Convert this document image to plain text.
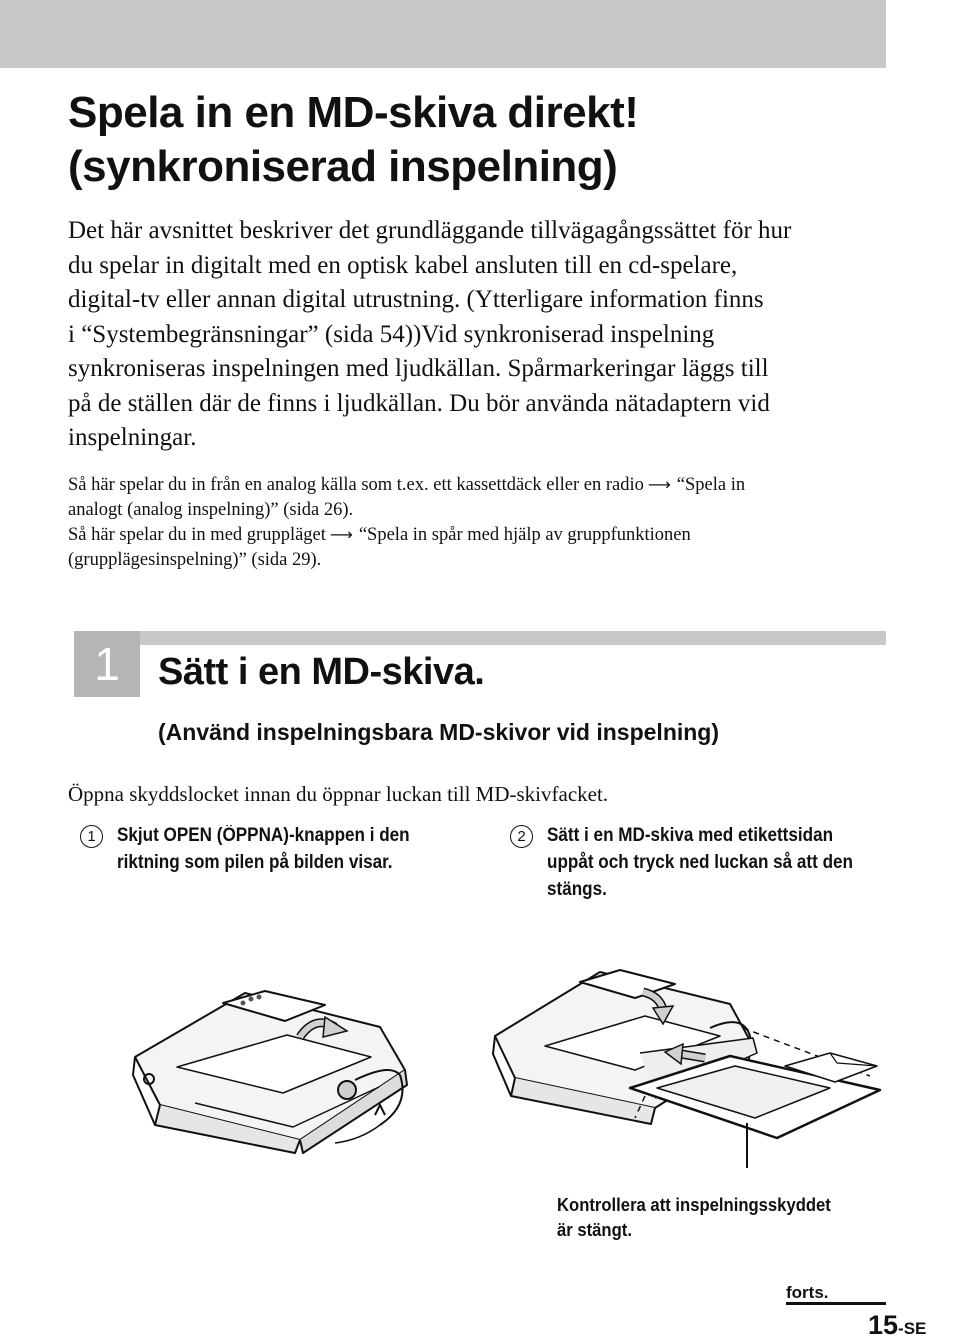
Spela in en MD-skiva direkt!
(synkroniserad inspelning)
Det här avsnittet beskriver det grundläggande tillvägagångssättet för hur
du spelar in digitalt med en optisk kabel ansluten till en cd-spelare,
digital-tv eller annan digital utrustning. (Ytterligare information finns
i “Systembegränsningar” (sida 54))Vid synkroniserad inspelning
synkroniseras inspelningen med ljudkällan. Spårmarkeringar läggs till
på de ställen där de finns i ljudkällan. Du bör använda nätadaptern vid
inspelningar.
Så här spelar du in från en analog källa som t.ex. ett kassettdäck eller en radio ⟶ “Spela in
analogt (analog inspelning)” (sida 26).
Så här spelar du in med gruppläget ⟶ “Spela in spår med hjälp av gruppfunktionen
(grupplägesinspelning)” (sida 29).
1	Sätt i en MD-skiva.
(Använd inspelningsbara MD-skivor vid inspelning)

Öppna skyddslocket innan du öppnar luckan till MD-skivfacket.

1	Skjut OPEN (ÖPPNA)-knappen i den
riktning som pilen på bilden visar.
2	Sätt i en MD-skiva med etikettsidan
uppåt och tryck ned luckan så att den
stängs.
Kontrollera att inspelningsskyddet
är stängt.
forts.
15-SE
